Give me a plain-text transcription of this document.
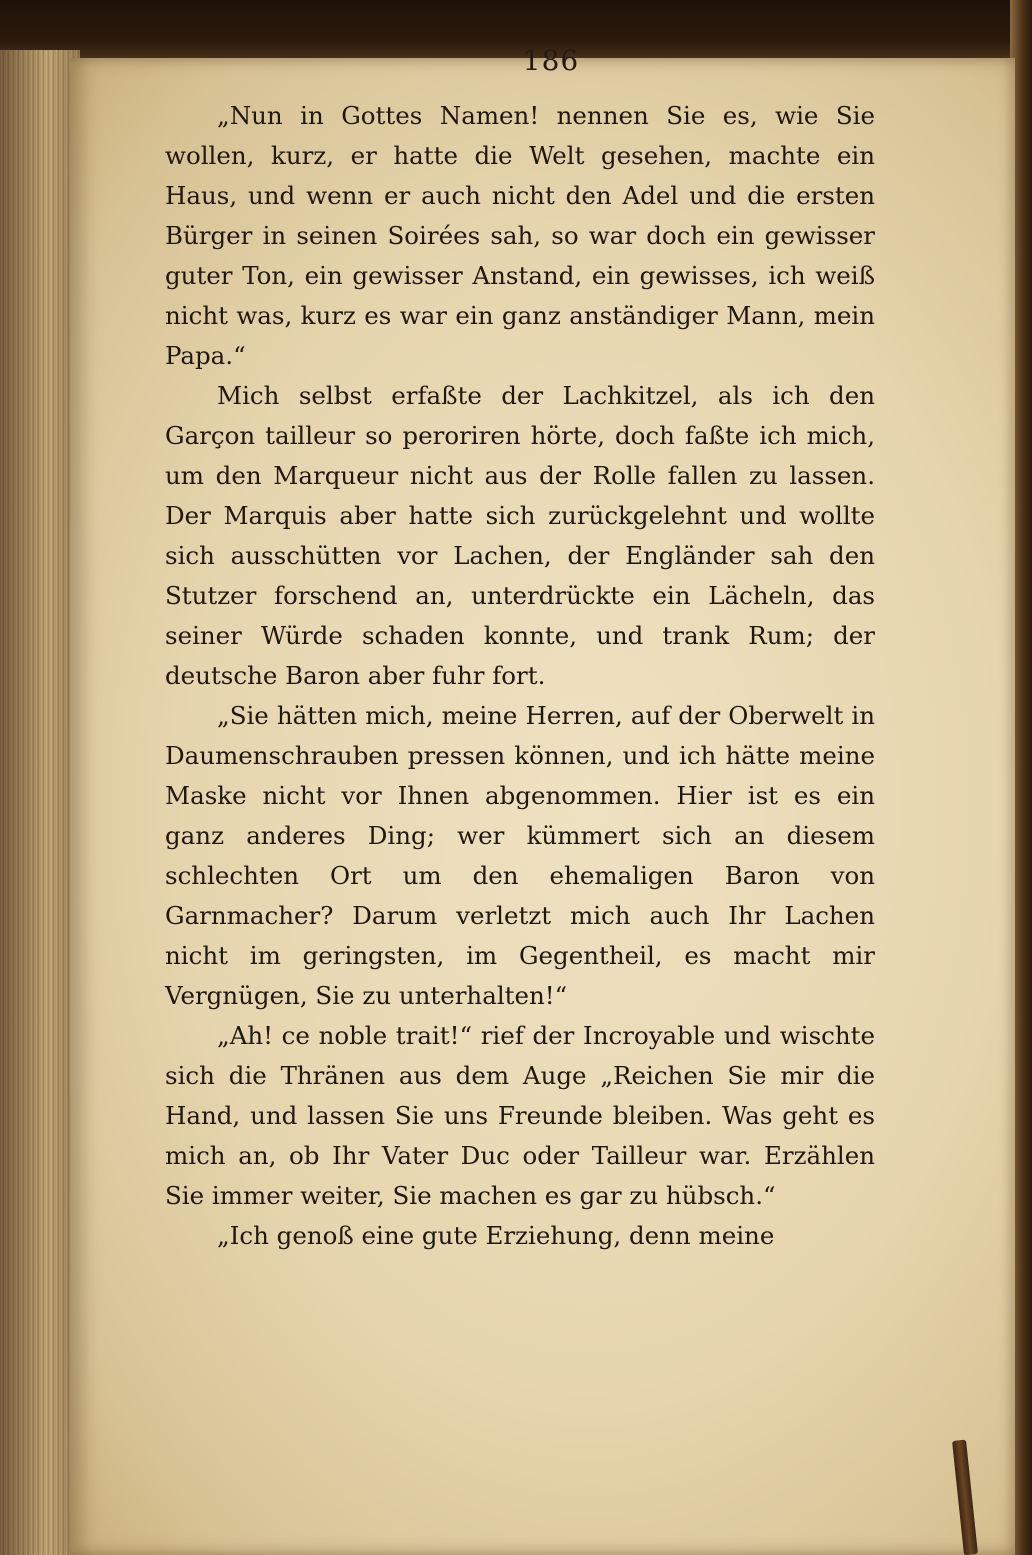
186

„Nun in Gottes Namen! nennen Sie es, wie Sie wollen, kurz, er hatte die Welt gesehen, machte ein Haus, und wenn er auch nicht den Adel und die ersten Bürger in seinen Soirées sah, so war doch ein gewisser guter Ton, ein gewisser Anstand, ein gewisses, ich weiß nicht was, kurz es war ein ganz anständiger Mann, mein Papa.“

Mich selbst erfaßte der Lachkitzel, als ich den Garçon tailleur so peroriren hörte, doch faßte ich mich, um den Marqueur nicht aus der Rolle fallen zu lassen. Der Marquis aber hatte sich zurückgelehnt und wollte sich ausschütten vor Lachen, der Engländer sah den Stutzer forschend an, unterdrückte ein Lächeln, das seiner Würde schaden konnte, und trank Rum; der deutsche Baron aber fuhr fort.

„Sie hätten mich, meine Herren, auf der Oberwelt in Daumenschrauben pressen können, und ich hätte meine Maske nicht vor Ihnen abgenommen. Hier ist es ein ganz anderes Ding; wer kümmert sich an diesem schlechten Ort um den ehemaligen Baron von Garnmacher? Darum verletzt mich auch Ihr Lachen nicht im geringsten, im Gegentheil, es macht mir Vergnügen, Sie zu unterhalten!“

„Ah! ce noble trait!“ rief der Incroyable und wischte sich die Thränen aus dem Auge „Reichen Sie mir die Hand, und lassen Sie uns Freunde bleiben. Was geht es mich an, ob Ihr Vater Duc oder Tailleur war. Erzählen Sie immer weiter, Sie machen es gar zu hübsch.“

„Ich genoß eine gute Erziehung, denn meine
